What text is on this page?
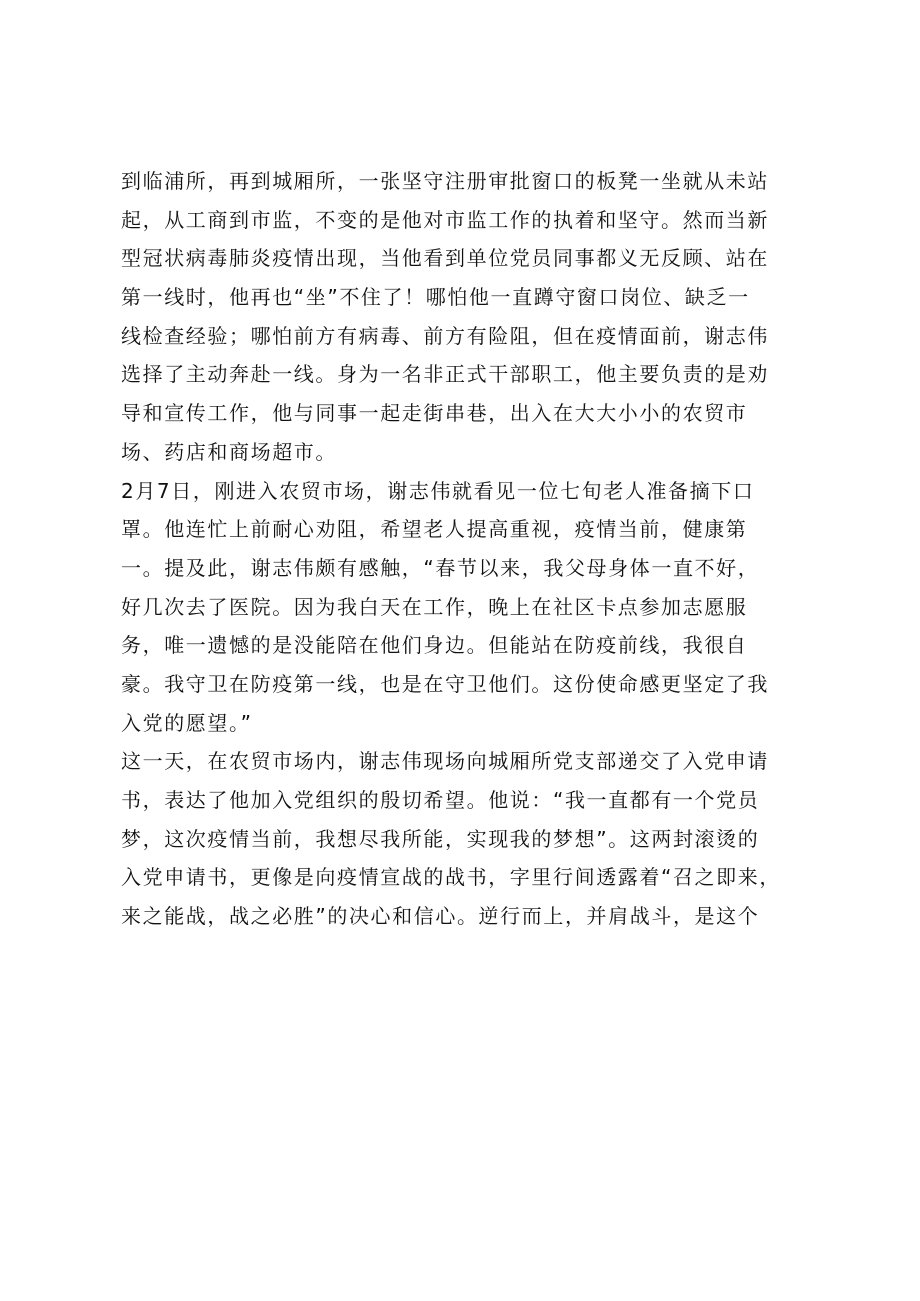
到临浦所，再到城厢所，一张坚守注册审批窗口的板凳一坐就从未站
起，从工商到市监，不变的是他对市监工作的执着和坚守。然而当新
型冠状病毒肺炎疫情出现，当他看到单位党员同事都义无反顾、站在
第一线时，他再也“坐”不住了！哪怕他一直蹲守窗口岗位、缺乏一
线检查经验；哪怕前方有病毒、前方有险阻，但在疫情面前，谢志伟
选择了主动奔赴一线。身为一名非正式干部职工，他主要负责的是劝
导和宣传工作，他与同事一起走街串巷，出入在大大小小的农贸市
场、药店和商场超市。
2月7日，刚进入农贸市场，谢志伟就看见一位七旬老人准备摘下口
罩。他连忙上前耐心劝阻，希望老人提高重视，疫情当前，健康第
一。提及此，谢志伟颇有感触，“春节以来，我父母身体一直不好，
好几次去了医院。因为我白天在工作，晚上在社区卡点参加志愿服
务，唯一遗憾的是没能陪在他们身边。但能站在防疫前线，我很自
豪。我守卫在防疫第一线，也是在守卫他们。这份使命感更坚定了我
入党的愿望。”
这一天，在农贸市场内，谢志伟现场向城厢所党支部递交了入党申请
书，表达了他加入党组织的殷切希望。他说：“我一直都有一个党员
梦，这次疫情当前，我想尽我所能，实现我的梦想”。这两封滚烫的
入党申请书，更像是向疫情宣战的战书，字里行间透露着“召之即来，
来之能战，战之必胜”的决心和信心。逆行而上，并肩战斗，是这个
